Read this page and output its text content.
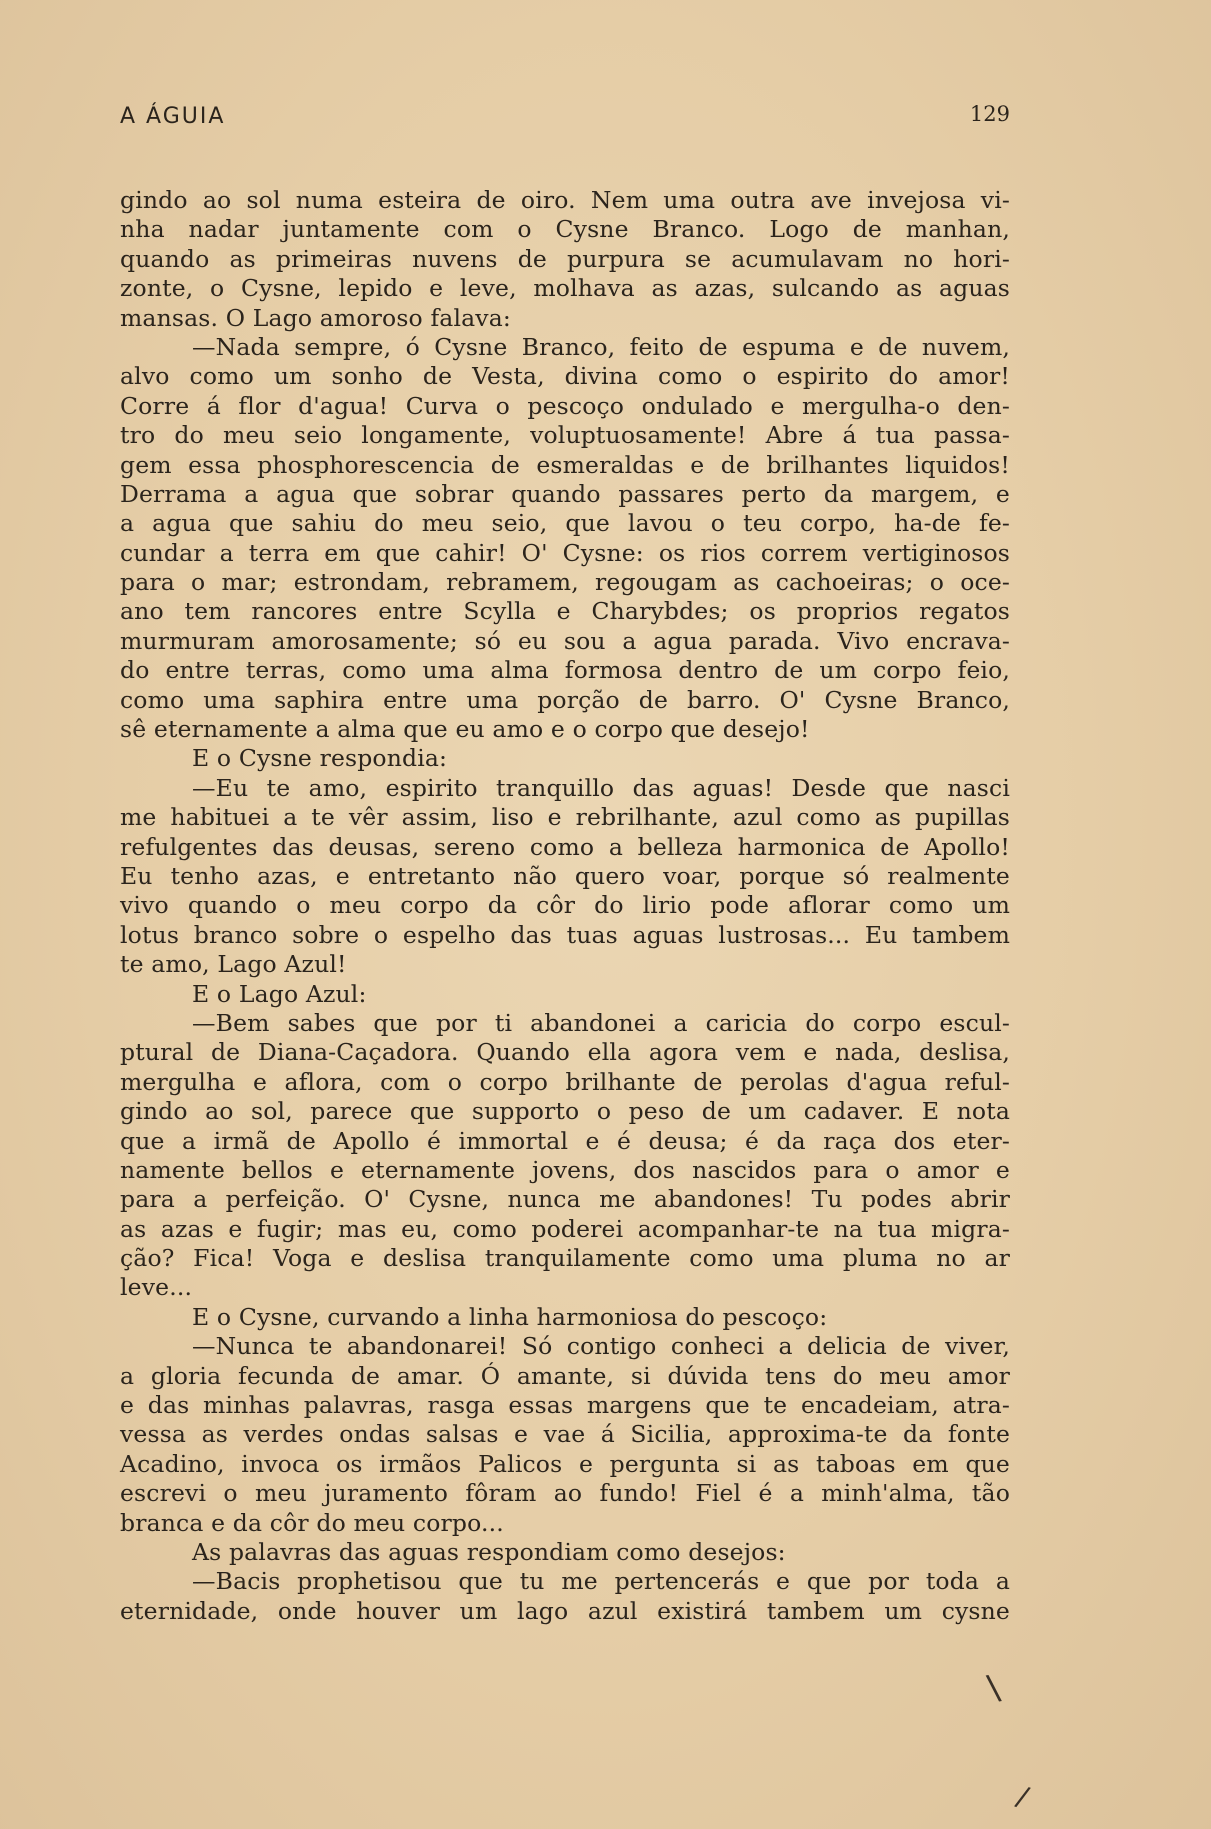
A ÁGUIA	129
gindo ao sol numa esteira de oiro. Nem uma outra ave invejosa vi-
nha nadar juntamente com o Cysne Branco. Logo de manhan,
quando as primeiras nuvens de purpura se acumulavam no hori-
zonte, o Cysne, lepido e leve, molhava as azas, sulcando as aguas
mansas. O Lago amoroso falava:
—Nada sempre, ó Cysne Branco, feito de espuma e de nuvem,
alvo como um sonho de Vesta, divina como o espirito do amor!
Corre á flor d'agua! Curva o pescoço ondulado e mergulha-o den-
tro do meu seio longamente, voluptuosamente! Abre á tua passa-
gem essa phosphorescencia de esmeraldas e de brilhantes liquidos!
Derrama a agua que sobrar quando passares perto da margem, e
a agua que sahiu do meu seio, que lavou o teu corpo, ha-de fe-
cundar a terra em que cahir! O' Cysne: os rios correm vertiginosos
para o mar; estrondam, rebramem, regougam as cachoeiras; o oce-
ano tem rancores entre Scylla e Charybdes; os proprios regatos
murmuram amorosamente; só eu sou a agua parada. Vivo encrava-
do entre terras, como uma alma formosa dentro de um corpo feio,
como uma saphira entre uma porção de barro. O' Cysne Branco,
sê eternamente a alma que eu amo e o corpo que desejo!
E o Cysne respondia:
—Eu te amo, espirito tranquillo das aguas! Desde que nasci
me habituei a te vêr assim, liso e rebrilhante, azul como as pupillas
refulgentes das deusas, sereno como a belleza harmonica de Apollo!
Eu tenho azas, e entretanto não quero voar, porque só realmente
vivo quando o meu corpo da côr do lirio pode aflorar como um
lotus branco sobre o espelho das tuas aguas lustrosas... Eu tambem
te amo, Lago Azul!
E o Lago Azul:
—Bem sabes que por ti abandonei a caricia do corpo escul-
ptural de Diana-Caçadora. Quando ella agora vem e nada, deslisa,
mergulha e aflora, com o corpo brilhante de perolas d'agua reful-
gindo ao sol, parece que supporto o peso de um cadaver. E nota
que a irmã de Apollo é immortal e é deusa; é da raça dos eter-
namente bellos e eternamente jovens, dos nascidos para o amor e
para a perfeição. O' Cysne, nunca me abandones! Tu podes abrir
as azas e fugir; mas eu, como poderei acompanhar-te na tua migra-
ção? Fica! Voga e deslisa tranquilamente como uma pluma no ar
leve...
E o Cysne, curvando a linha harmoniosa do pescoço:
—Nunca te abandonarei! Só contigo conheci a delicia de viver,
a gloria fecunda de amar. Ó amante, si dúvida tens do meu amor
e das minhas palavras, rasga essas margens que te encadeiam, atra-
vessa as verdes ondas salsas e vae á Sicilia, approxima-te da fonte
Acadino, invoca os irmãos Palicos e pergunta si as taboas em que
escrevi o meu juramento fôram ao fundo! Fiel é a minh'alma, tão
branca e da côr do meu corpo...
As palavras das aguas respondiam como desejos:
—Bacis prophetisou que tu me pertencerás e que por toda a
eternidade, onde houver um lago azul existirá tambem um cysne
\
/
